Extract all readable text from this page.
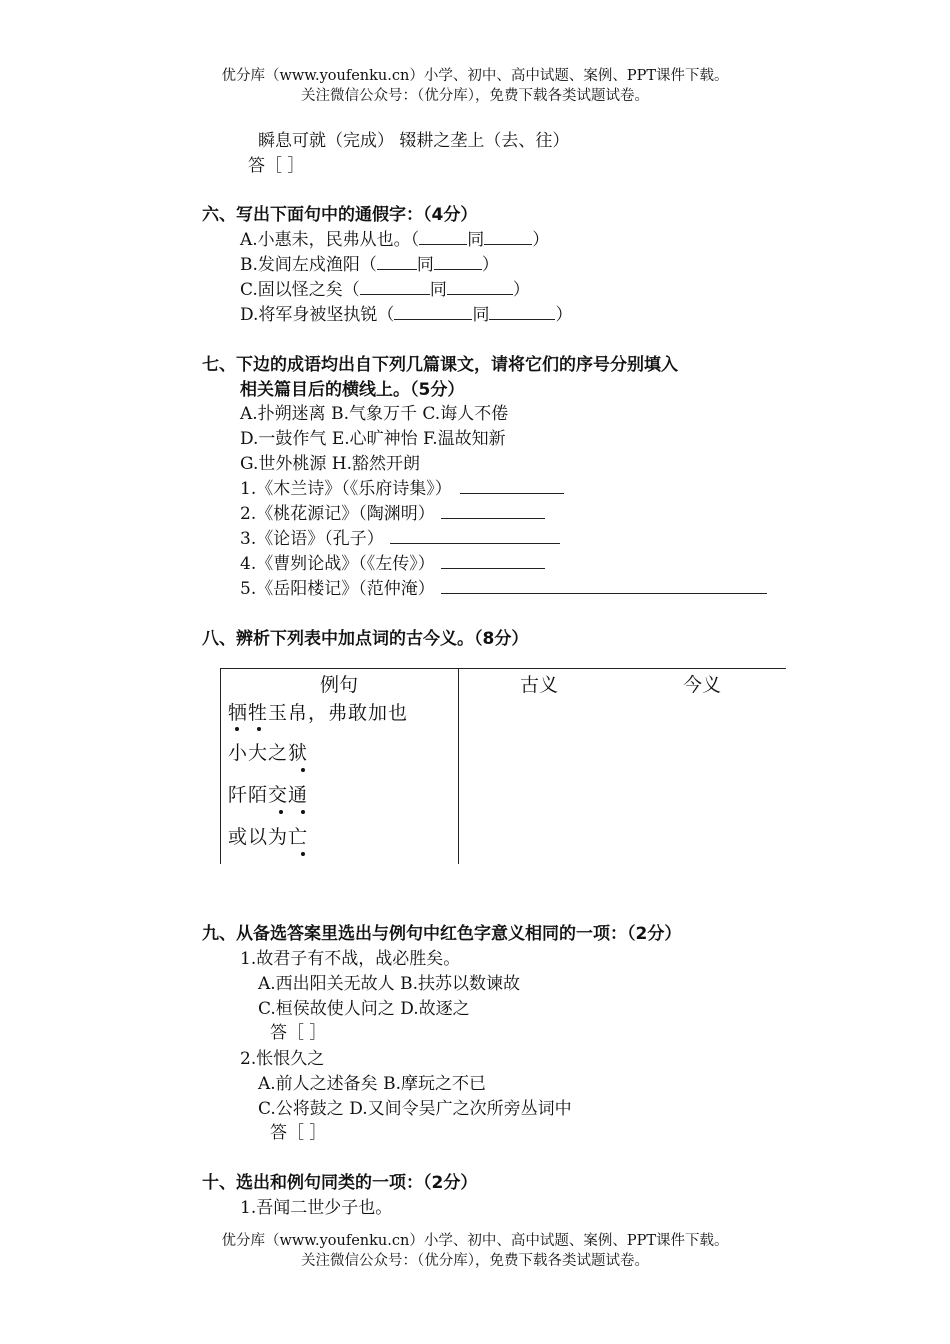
优分库（www.youfenku.cn）小学、初中、高中试题、案例、PPT课件下载。
关注微信公众号：（优分库），免费下载各类试题试卷。
瞬息可就（完成） 辍耕之垄上（去、往）
答［ ］
六、写出下面句中的通假字：（4分）
A.小惠未，民弗从也。（	同	）
B.发闾左戍渔阳（ 同	）
C.固以怪之矣（	同	）
D.将军身被坚执锐（	同	）
七、下边的成语均出自下列几篇课文，请将它们的序号分别填入
相关篇目后的横线上。（5分）
A.扑朔迷离 B.气象万千 C.诲人不倦
D.一鼓作气 E.心旷神怡 F.温故知新
G.世外桃源 H.豁然开朗
1.《木兰诗》（《乐府诗集》）
2.《桃花源记》（陶渊明）
3.《论语》（孔子）
4.《曹刿论战》（《左传》）
5.《岳阳楼记》（范仲淹）
八、辨析下列表中加点词的古今义。（8分）
例句	古义	今义
牺牲玉帛，弗敢加也
小大之狱
阡陌交通
或以为亡
九、从备选答案里选出与例句中红色字意义相同的一项：（2分）
1.故君子有不战，战必胜矣。
A.西出阳关无故人 B.扶苏以数谏故
C.桓侯故使人问之 D.故逐之
答［ ］
2.怅恨久之
A.前人之述备矣 B.摩玩之不已
C.公将鼓之 D.又间令吴广之次所旁丛词中
答［ ］
十、选出和例句同类的一项：（2分）
1.吾闻二世少子也。
优分库（www.youfenku.cn）小学、初中、高中试题、案例、PPT课件下载。
关注微信公众号：（优分库），免费下载各类试题试卷。
